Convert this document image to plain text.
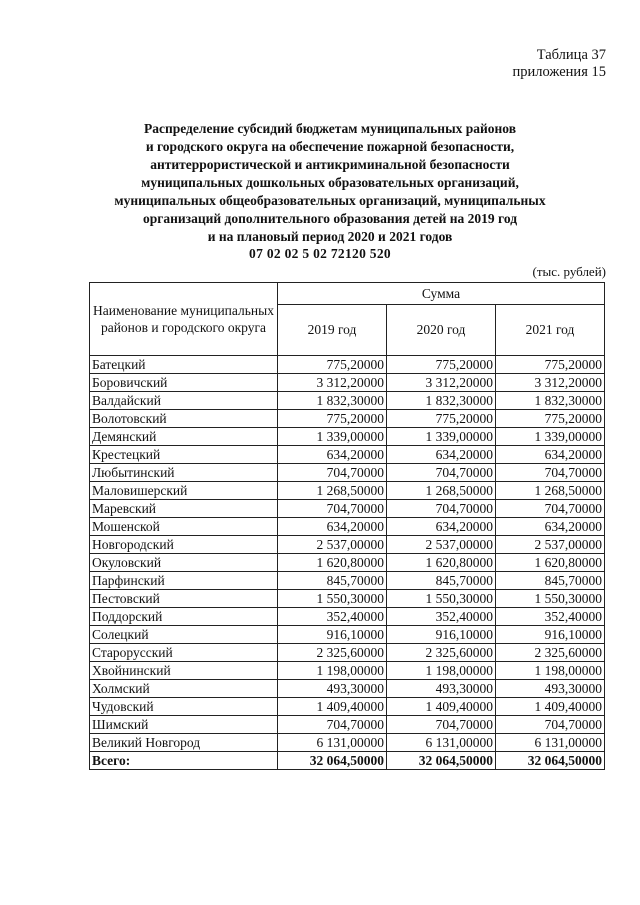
Таблица 37
приложения 15
Распределение субсидий бюджетам муниципальных районов
и городского округа на обеспечение пожарной безопасности,
антитеррористической и антикриминальной безопасности
муниципальных дошкольных образовательных организаций,
муниципальных общеобразовательных организаций, муниципальных
организаций дополнительного образования детей на 2019 год
и на плановый период 2020 и 2021 годов
07 02 02 5 02 72120 520
(тыс. рублей)
Наименование муниципальных районов и городского округа	Сумма		
	2019 год	2020 год	2021 год
Батецкий	775,20000	775,20000	775,20000
Боровичский	3 312,20000	3 312,20000	3 312,20000
Валдайский	1 832,30000	1 832,30000	1 832,30000
Волотовский	775,20000	775,20000	775,20000
Демянский	1 339,00000	1 339,00000	1 339,00000
Крестецкий	634,20000	634,20000	634,20000
Любытинский	704,70000	704,70000	704,70000
Маловишерский	1 268,50000	1 268,50000	1 268,50000
Маревский	704,70000	704,70000	704,70000
Мошенской	634,20000	634,20000	634,20000
Новгородский	2 537,00000	2 537,00000	2 537,00000
Окуловский	1 620,80000	1 620,80000	1 620,80000
Парфинский	845,70000	845,70000	845,70000
Пестовский	1 550,30000	1 550,30000	1 550,30000
Поддорский	352,40000	352,40000	352,40000
Солецкий	916,10000	916,10000	916,10000
Старорусский	2 325,60000	2 325,60000	2 325,60000
Хвойнинский	1 198,00000	1 198,00000	1 198,00000
Холмский	493,30000	493,30000	493,30000
Чудовский	1 409,40000	1 409,40000	1 409,40000
Шимский	704,70000	704,70000	704,70000
Великий Новгород	6 131,00000	6 131,00000	6 131,00000
Всего:	32 064,50000	32 064,50000	32 064,50000
